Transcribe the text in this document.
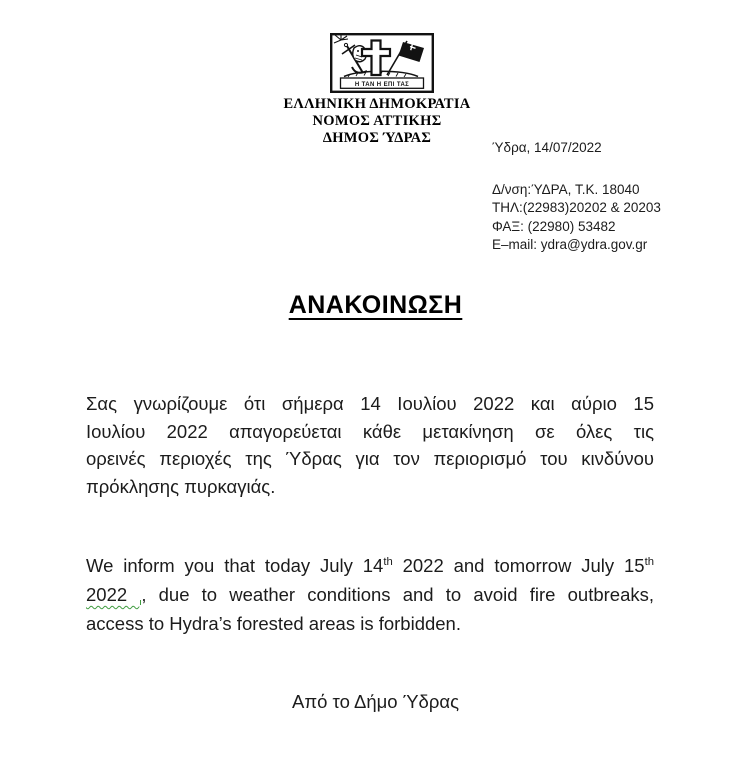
Η ΤΑΝ Η ΕΠΙ ΤΑΣ
ΕΛΛΗΝΙΚΗ ΔΗΜΟΚΡΑΤΙΑ
ΝΟΜΟΣ ΑΤΤΙΚΗΣ
ΔΗΜΟΣ ΎΔΡΑΣ
Ύδρα, 14/07/2022
Δ/νση:ΎΔΡΑ, Τ.Κ. 18040
ΤΗΛ:(22983)20202 & 20203
ΦΑΞ: (22980) 53482
E–mail: ydra@ydra.gov.gr
ΑΝΑΚΟΙΝΩΣΗ
Σας γνωρίζουμε ότι σήμερα 14 Ιουλίου 2022 και αύριο 15
Ιουλίου 2022 απαγορεύεται κάθε μετακίνηση σε όλες τις
ορεινές περιοχές της Ύδρας για τον περιορισμό του κινδύνου
πρόκλησης πυρκαγιάς.
We inform you that today July 14th 2022 and tomorrow July 15th
2022 , due to weather conditions and to avoid fire outbreaks,
access to Hydra’s forested areas is forbidden.
Από το Δήμο Ύδρας
